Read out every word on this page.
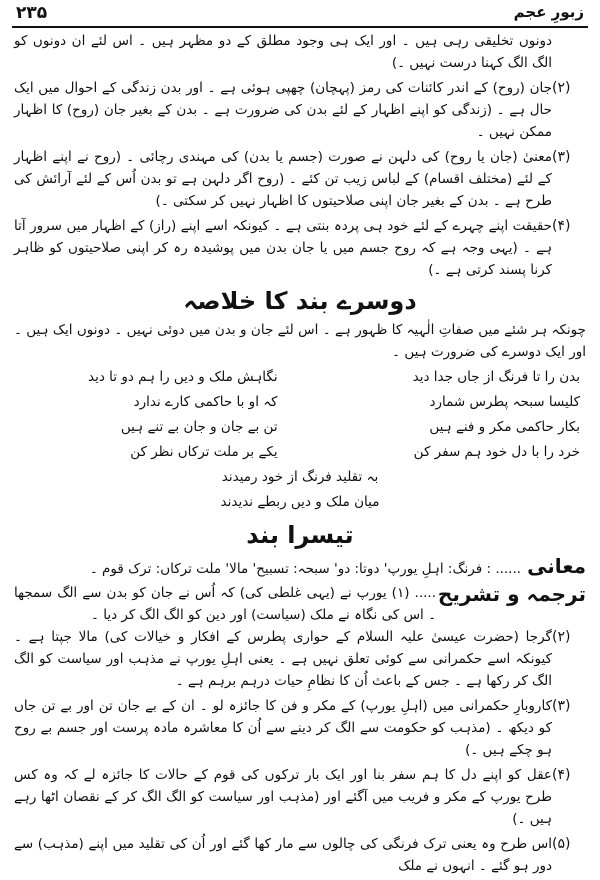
۲۳۵	زبورِ عجم
دونوں تخلیقی رہی ہیں ۔ اور ایک ہی وجود مطلق کے دو مظہر ہیں ۔ اس لئے ان دونوں کو الگ الگ کہنا درست نہیں ۔)
(۲)
جان (روح) کے اندر کائنات کی رمز (پہچان) چھپی ہوئی ہے ۔ اور بدن زندگی کے احوال میں ایک حال ہے ۔ (زندگی کو اپنے اظہار کے لئے بدن کی ضرورت ہے ۔ بدن کے بغیر جان (روح) کا اظہار ممکن نہیں ۔
(۳)
معنیٰ (جان یا روح) کی دلہن نے صورت (جسم یا بدن) کی مہندی رچائی ۔ (روح نے اپنے اظہار کے لئے (مختلف اقسام) کے لباس زیب تن کئے ۔ (روح اگر دلہن ہے تو بدن اُس کے لئے آرائش کی طرح ہے ۔ بدن کے بغیر جان اپنی صلاحیتوں کا اظہار نہیں کر سکتی ۔)
(۴)
حقیقت اپنے چہرے کے لئے خود ہی پردہ بنتی ہے ۔ کیونکہ اسے اپنے (راز) کے اظہار میں سرور آتا ہے ۔ (یہی وجہ ہے کہ روح جسم میں یا جان بدن میں پوشیدہ رہ کر اپنی صلاحیتوں کو ظاہر کرنا پسند کرتی ہے ۔)
دوسرے بند کا خلاصہ
چونکہ ہر شئے میں صفاتِ الٰہیہ کا ظہور ہے ۔ اس لئے جان و بدن میں دوئی نہیں ۔ دونوں ایک ہیں ۔ اور ایک دوسرے کی ضرورت ہیں ۔
بدن را تا فرنگ از جاں جدا دید
نگاہش ملک و دیں را ہم دو تا دید
کلیسا سبحہ پطرس شمارد
کہ او با حاکمی کارے ندارد
بکار حاکمی مکر و فنے ہیں
تن بے جان و جان بے تنے ہیں
خرد را با دل خود ہم سفر کن
یکے بر ملت ترکاں نظر کن
بہ تقلید فرنگ از خود رمیدند
میان ملک و دیں ربطے ندیدند
تیسرا بند
معانی
...... : فرنگ: اہلِ یورپ' دوتا: دو' سبحہ: تسبیح' مالا' ملت ترکاں: ترک قوم ۔
ترجمہ و تشریح
..... (۱) یورپ نے (یہی غلطی کی) کہ اُس نے جان کو بدن سے الگ سمجھا ۔ اس کی نگاہ نے ملک (سیاست) اور دین کو الگ الگ کر دیا ۔
(۲)
گرجا (حضرت عیسیٰ علیہ السلام کے حواری پطرس کے افکار و خیالات کی) مالا جپتا ہے ۔ کیونکہ اسے حکمرانی سے کوئی تعلق نہیں ہے ۔ یعنی اہلِ یورپ نے مذہب اور سیاست کو الگ الگ کر رکھا ہے ۔ جس کے باعث اُن کا نظامِ حیات درہم برہم ہے ۔
(۳)
کاروبارِ حکمرانی میں (اہلِ یورپ) کے مکر و فن کا جائزہ لو ۔ ان کے بے جان تن اور بے تن جاں کو دیکھ ۔ (مذہب کو حکومت سے الگ کر دینے سے اُن کا معاشرہ مادہ پرست اور جسم بے روح ہو چکے ہیں ۔)
(۴)
عقل کو اپنے دل کا ہم سفر بنا اور ایک بار ترکوں کی قوم کے حالات کا جائزہ لے کہ وہ کس طرح یورپ کے مکر و فریب میں آگئے اور (مذہب اور سیاست کو الگ الگ کر کے نقصان اٹھا رہے ہیں ۔)
(۵)
اس طرح وہ یعنی ترک فرنگی کی چالوں سے مار کھا گئے اور اُن کی تقلید میں اپنے (مذہب) سے دور ہو گئے ۔ انہوں نے ملک
